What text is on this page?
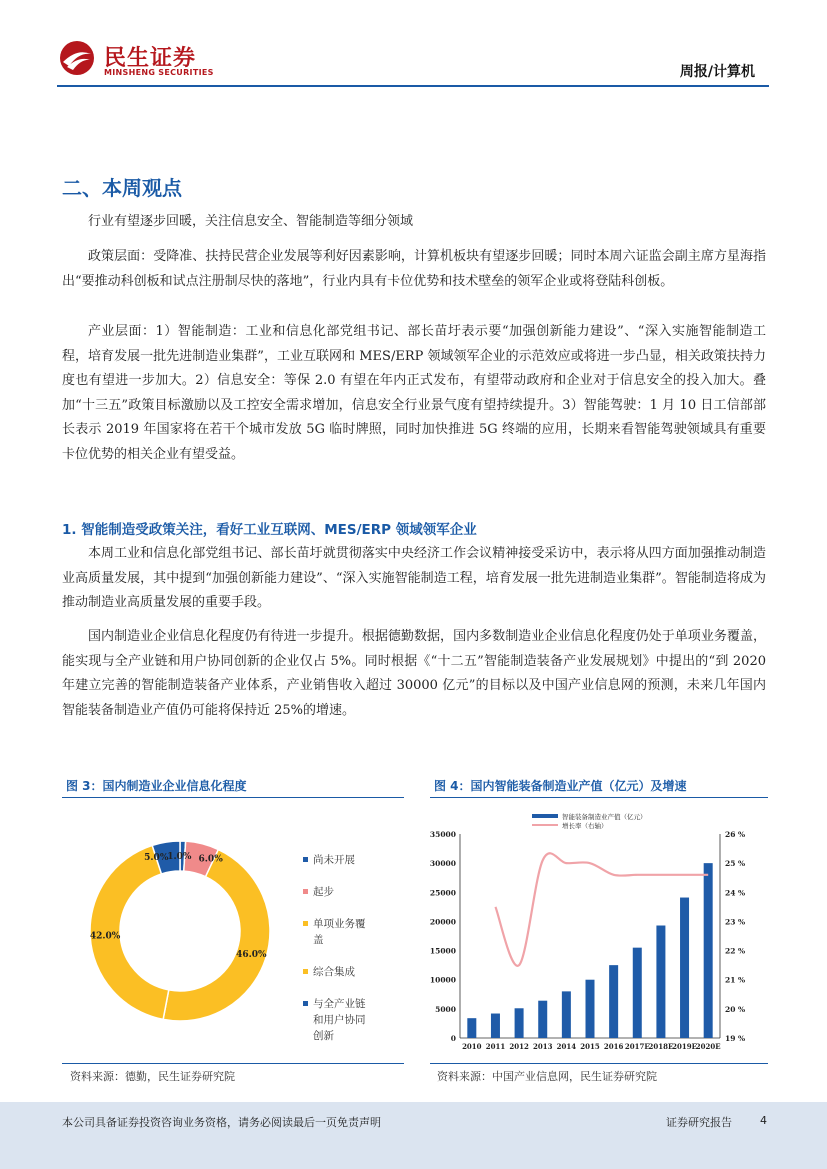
民生证券
MINSHENG SECURITIES	周报/计算机
二、本周观点
行业有望逐步回暖，关注信息安全、智能制造等细分领域
政策层面：受降准、扶持民营企业发展等利好因素影响，计算机板块有望逐步回暖；同时本周六证监会副主席方星海指出“要推动科创板和试点注册制尽快的落地”，行业内具有卡位优势和技术壁垒的领军企业或将登陆科创板。
产业层面：1）智能制造：工业和信息化部党组书记、部长苗圩表示要“加强创新能力建设”、“深入实施智能制造工程，培育发展一批先进制造业集群”，工业互联网和 MES/ERP 领域领军企业的示范效应或将进一步凸显，相关政策扶持力度也有望进一步加大。2）信息安全：等保 2.0 有望在年内正式发布，有望带动政府和企业对于信息安全的投入加大。叠加“十三五”政策目标激励以及工控安全需求增加，信息安全行业景气度有望持续提升。3）智能驾驶：1 月 10 日工信部部长表示 2019 年国家将在若干个城市发放 5G 临时牌照，同时加快推进 5G 终端的应用，长期来看智能驾驶领域具有重要卡位优势的相关企业有望受益。
1. 智能制造受政策关注，看好工业互联网、MES/ERP 领域领军企业
本周工业和信息化部党组书记、部长苗圩就贯彻落实中央经济工作会议精神接受采访中，表示将从四方面加强推动制造业高质量发展，其中提到“加强创新能力建设”、“深入实施智能制造工程，培育发展一批先进制造业集群”。智能制造将成为推动制造业高质量发展的重要手段。
国内制造业企业信息化程度仍有待进一步提升。根据德勤数据，国内多数制造业企业信息化程度仍处于单项业务覆盖，能实现与全产业链和用户协同创新的企业仅占 5%。同时根据《“十二五”智能制造装备产业发展规划》中提出的“到 2020 年建立完善的智能制造装备产业体系，产业销售收入超过 30000 亿元”的目标以及中国产业信息网的预测，未来几年国内智能装备制造业产值仍可能将保持近 25%的增速。
图 3：国内制造业企业信息化程度
1.0% 6.0%
46.0%
42.0%
5.0%	尚未开展
起步
单项业务覆
盖
综合集成
与全产业链
和用户协同
创新
资料来源：德勤，民生证券研究院
图 4：国内智能装备制造业产值（亿元）及增速
0
5000
10000
15000
20000
25000
30000
35000
19 %
20 %
21 %
22 %
23 %
24 %
25 %
26 %
2010 2011 2012 2013 2014 2015 2016 2017E
2018E
2019E
2020E
智能装备制造业产值（亿元）
增长率（右轴）
资料来源：中国产业信息网，民生证券研究院
本公司具备证券投资咨询业务资格，请务必阅读最后一页免责声明	证券研究报告	4
